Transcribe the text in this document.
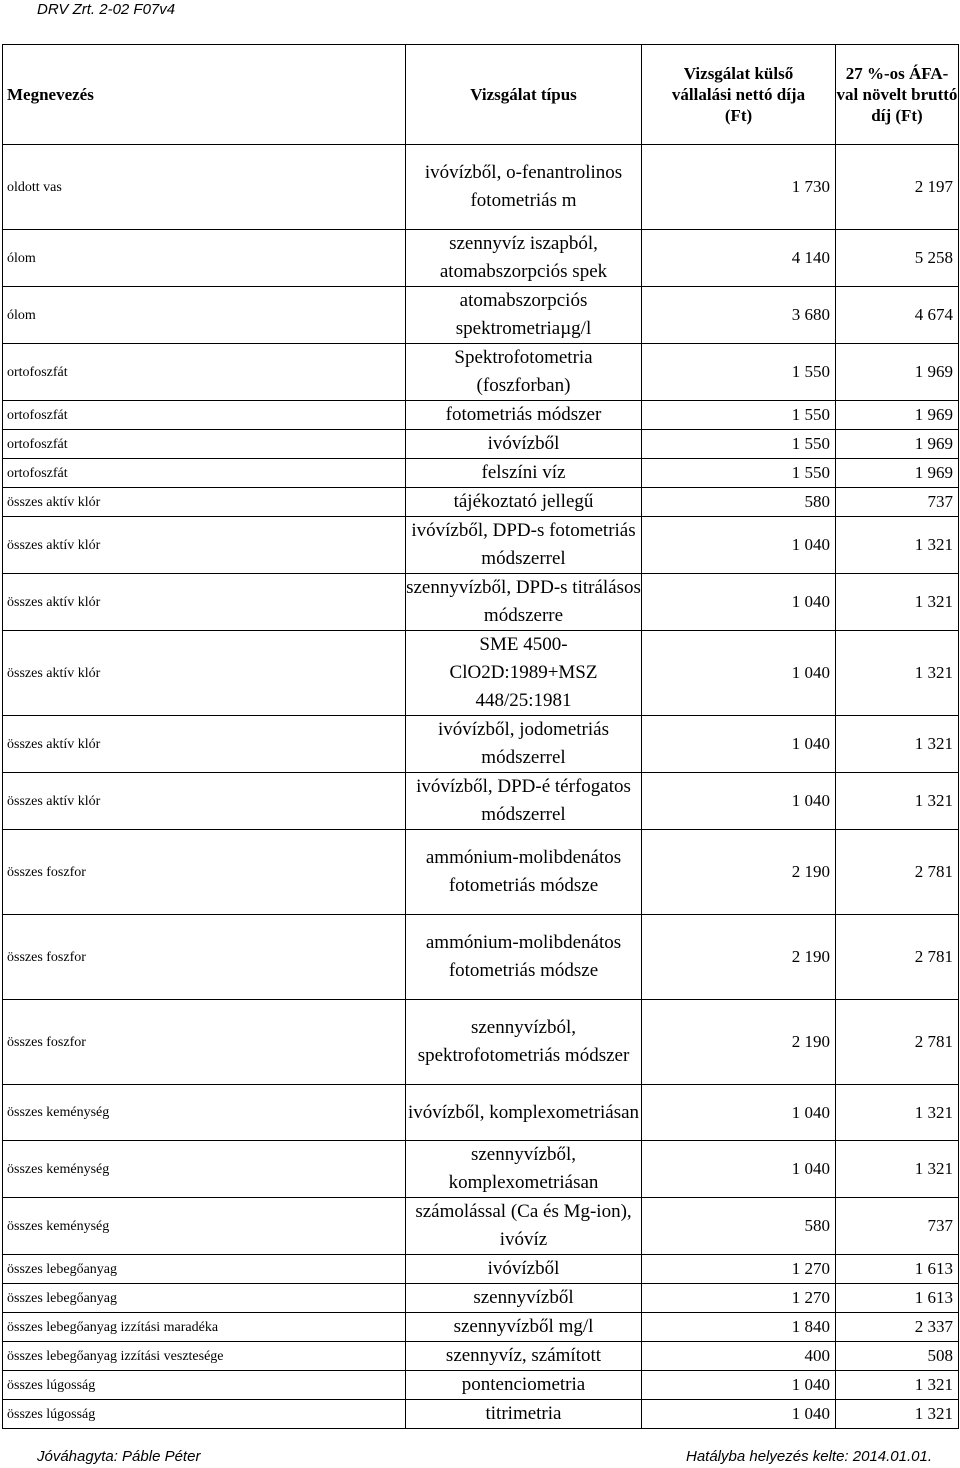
DRV Zrt. 2-02 F07v4
Megnevezés	Vizsgálat típus	Vizsgálat külső vállalási nettó díja (Ft)	27 %-os ÁFA-val növelt bruttó díj (Ft)
oldott vas	ivóvízből, o-fenantrolinos fotometriás m	1 730	2 197
ólom	szennyvíz iszapból, atomabszorpciós spek	4 140	5 258
ólom	atomabszorpciós spektrometriaµg/l	3 680	4 674
ortofoszfát	Spektrofotometria (foszforban)	1 550	1 969
ortofoszfát	fotometriás módszer	1 550	1 969
ortofoszfát	ivóvízből	1 550	1 969
ortofoszfát	felszíni víz	1 550	1 969
összes aktív klór	tájékoztató jellegű	580	737
összes aktív klór	ivóvízből, DPD-s fotometriás módszerrel	1 040	1 321
összes aktív klór	szennyvízből, DPD-s titrálásos módszerre	1 040	1 321
összes aktív klór	SME 4500-ClO2D:1989+MSZ 448/25:1981	1 040	1 321
összes aktív klór	ivóvízből, jodometriás módszerrel	1 040	1 321
összes aktív klór	ivóvízből, DPD-é térfogatos módszerrel	1 040	1 321
összes foszfor	ammónium-molibdenátos fotometriás módsze	2 190	2 781
összes foszfor	ammónium-molibdenátos fotometriás módsze	2 190	2 781
összes foszfor	szennyvízból, spektrofotometriás módszer	2 190	2 781
összes keménység	ivóvízből, komplexometriásan	1 040	1 321
összes keménység	szennyvízből, komplexometriásan	1 040	1 321
összes keménység	számolással (Ca és Mg-ion), ivóvíz	580	737
összes lebegőanyag	ivóvízből	1 270	1 613
összes lebegőanyag	szennyvízből	1 270	1 613
összes lebegőanyag izzítási maradéka	szennyvízből mg/l	1 840	2 337
összes lebegőanyag izzítási vesztesége	szennyvíz, számított	400	508
összes lúgosság	pontenciometria	1 040	1 321
összes lúgosság	titrimetria	1 040	1 321
Jóváhagyta: Páble Péter	Hatályba helyezés kelte: 2014.01.01.
